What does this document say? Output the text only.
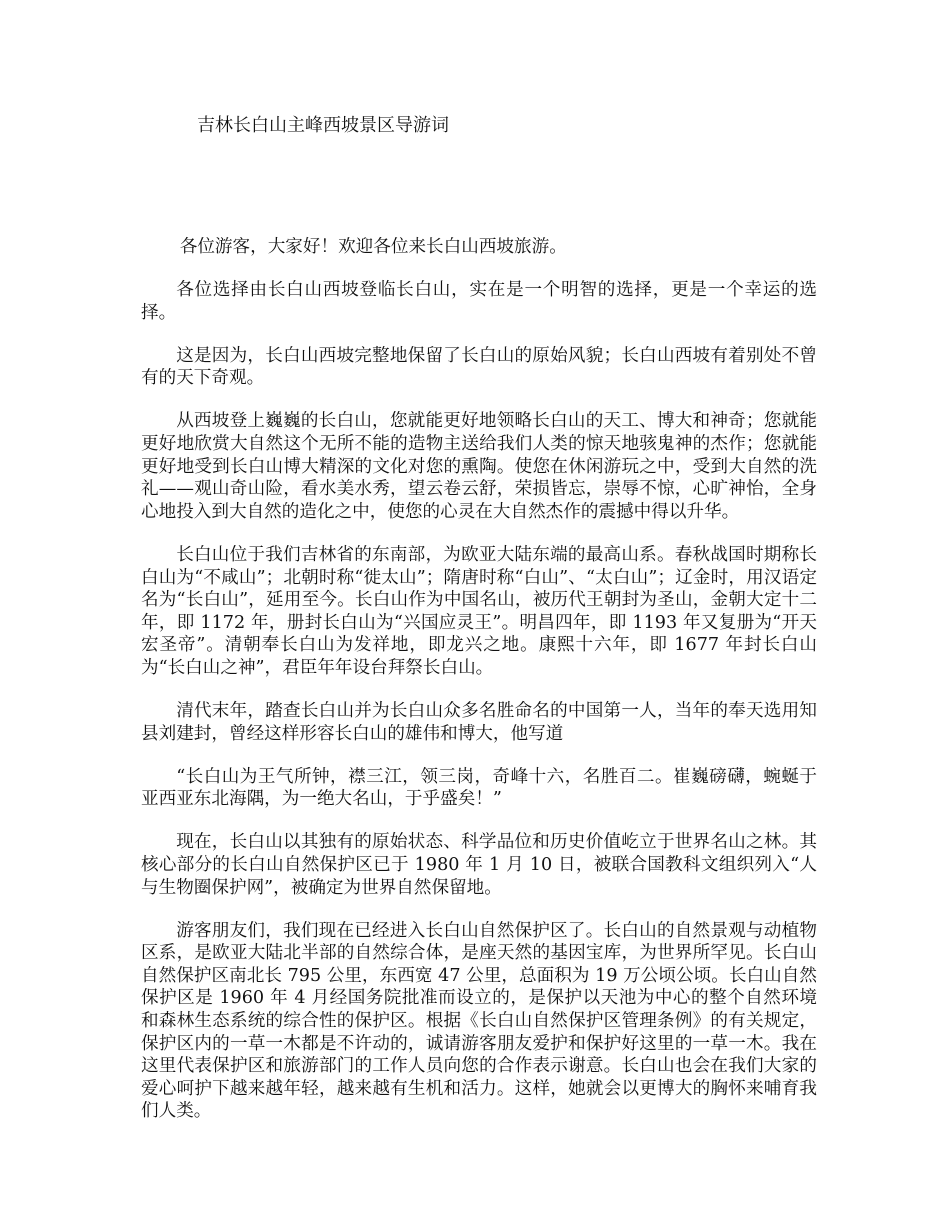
吉林长白山主峰西坡景区导游词

各位游客，大家好！欢迎各位来长白山西坡旅游。

各位选择由长白山西坡登临长白山，实在是一个明智的选择，更是一个幸运的选择。

这是因为，长白山西坡完整地保留了长白山的原始风貌；长白山西坡有着别处不曾有的天下奇观。

从西坡登上巍巍的长白山，您就能更好地领略长白山的天工、博大和神奇；您就能更好地欣赏大自然这个无所不能的造物主送给我们人类的惊天地骇鬼神的杰作；您就能更好地受到长白山博大精深的文化对您的熏陶。使您在休闲游玩之中，受到大自然的洗礼——观山奇山险，看水美水秀，望云卷云舒，荣损皆忘，崇辱不惊，心旷神怡，全身心地投入到大自然的造化之中，使您的心灵在大自然杰作的震撼中得以升华。

长白山位于我们吉林省的东南部，为欧亚大陆东端的最高山系。春秋战国时期称长白山为“不咸山”；北朝时称“徙太山”；隋唐时称“白山”、“太白山”；辽金时，用汉语定名为“长白山”，延用至今。长白山作为中国名山，被历代王朝封为圣山，金朝大定十二年，即 1172 年，册封长白山为“兴国应灵王”。明昌四年，即 1193 年又复册为“开天宏圣帝”。清朝奉长白山为发祥地，即龙兴之地。康熙十六年，即 1677 年封长白山为“长白山之神”，君臣年年设台拜祭长白山。

清代末年，踏查长白山并为长白山众多名胜命名的中国第一人，当年的奉天选用知县刘建封，曾经这样形容长白山的雄伟和博大，他写道

“长白山为王气所钟，襟三江，领三岗，奇峰十六，名胜百二。崔巍磅礴，蜿蜒于亚西亚东北海隅，为一绝大名山，于乎盛矣！”

现在，长白山以其独有的原始状态、科学品位和历史价值屹立于世界名山之林。其核心部分的长白山自然保护区已于 1980 年 1 月 10 日，被联合国教科文组织列入“人与生物圈保护网”，被确定为世界自然保留地。

游客朋友们，我们现在已经进入长白山自然保护区了。长白山的自然景观与动植物区系，是欧亚大陆北半部的自然综合体，是座天然的基因宝库，为世界所罕见。长白山自然保护区南北长 795 公里，东西宽 47 公里，总面积为 19 万公顷公顷。长白山自然保护区是 1960 年 4 月经国务院批准而设立的，是保护以天池为中心的整个自然环境和森林生态系统的综合性的保护区。根据《长白山自然保护区管理条例》的有关规定，保护区内的一草一木都是不许动的，诚请游客朋友爱护和保护好这里的一草一木。我在这里代表保护区和旅游部门的工作人员向您的合作表示谢意。长白山也会在我们大家的爱心呵护下越来越年轻，越来越有生机和活力。这样，她就会以更博大的胸怀来哺育我们人类。
